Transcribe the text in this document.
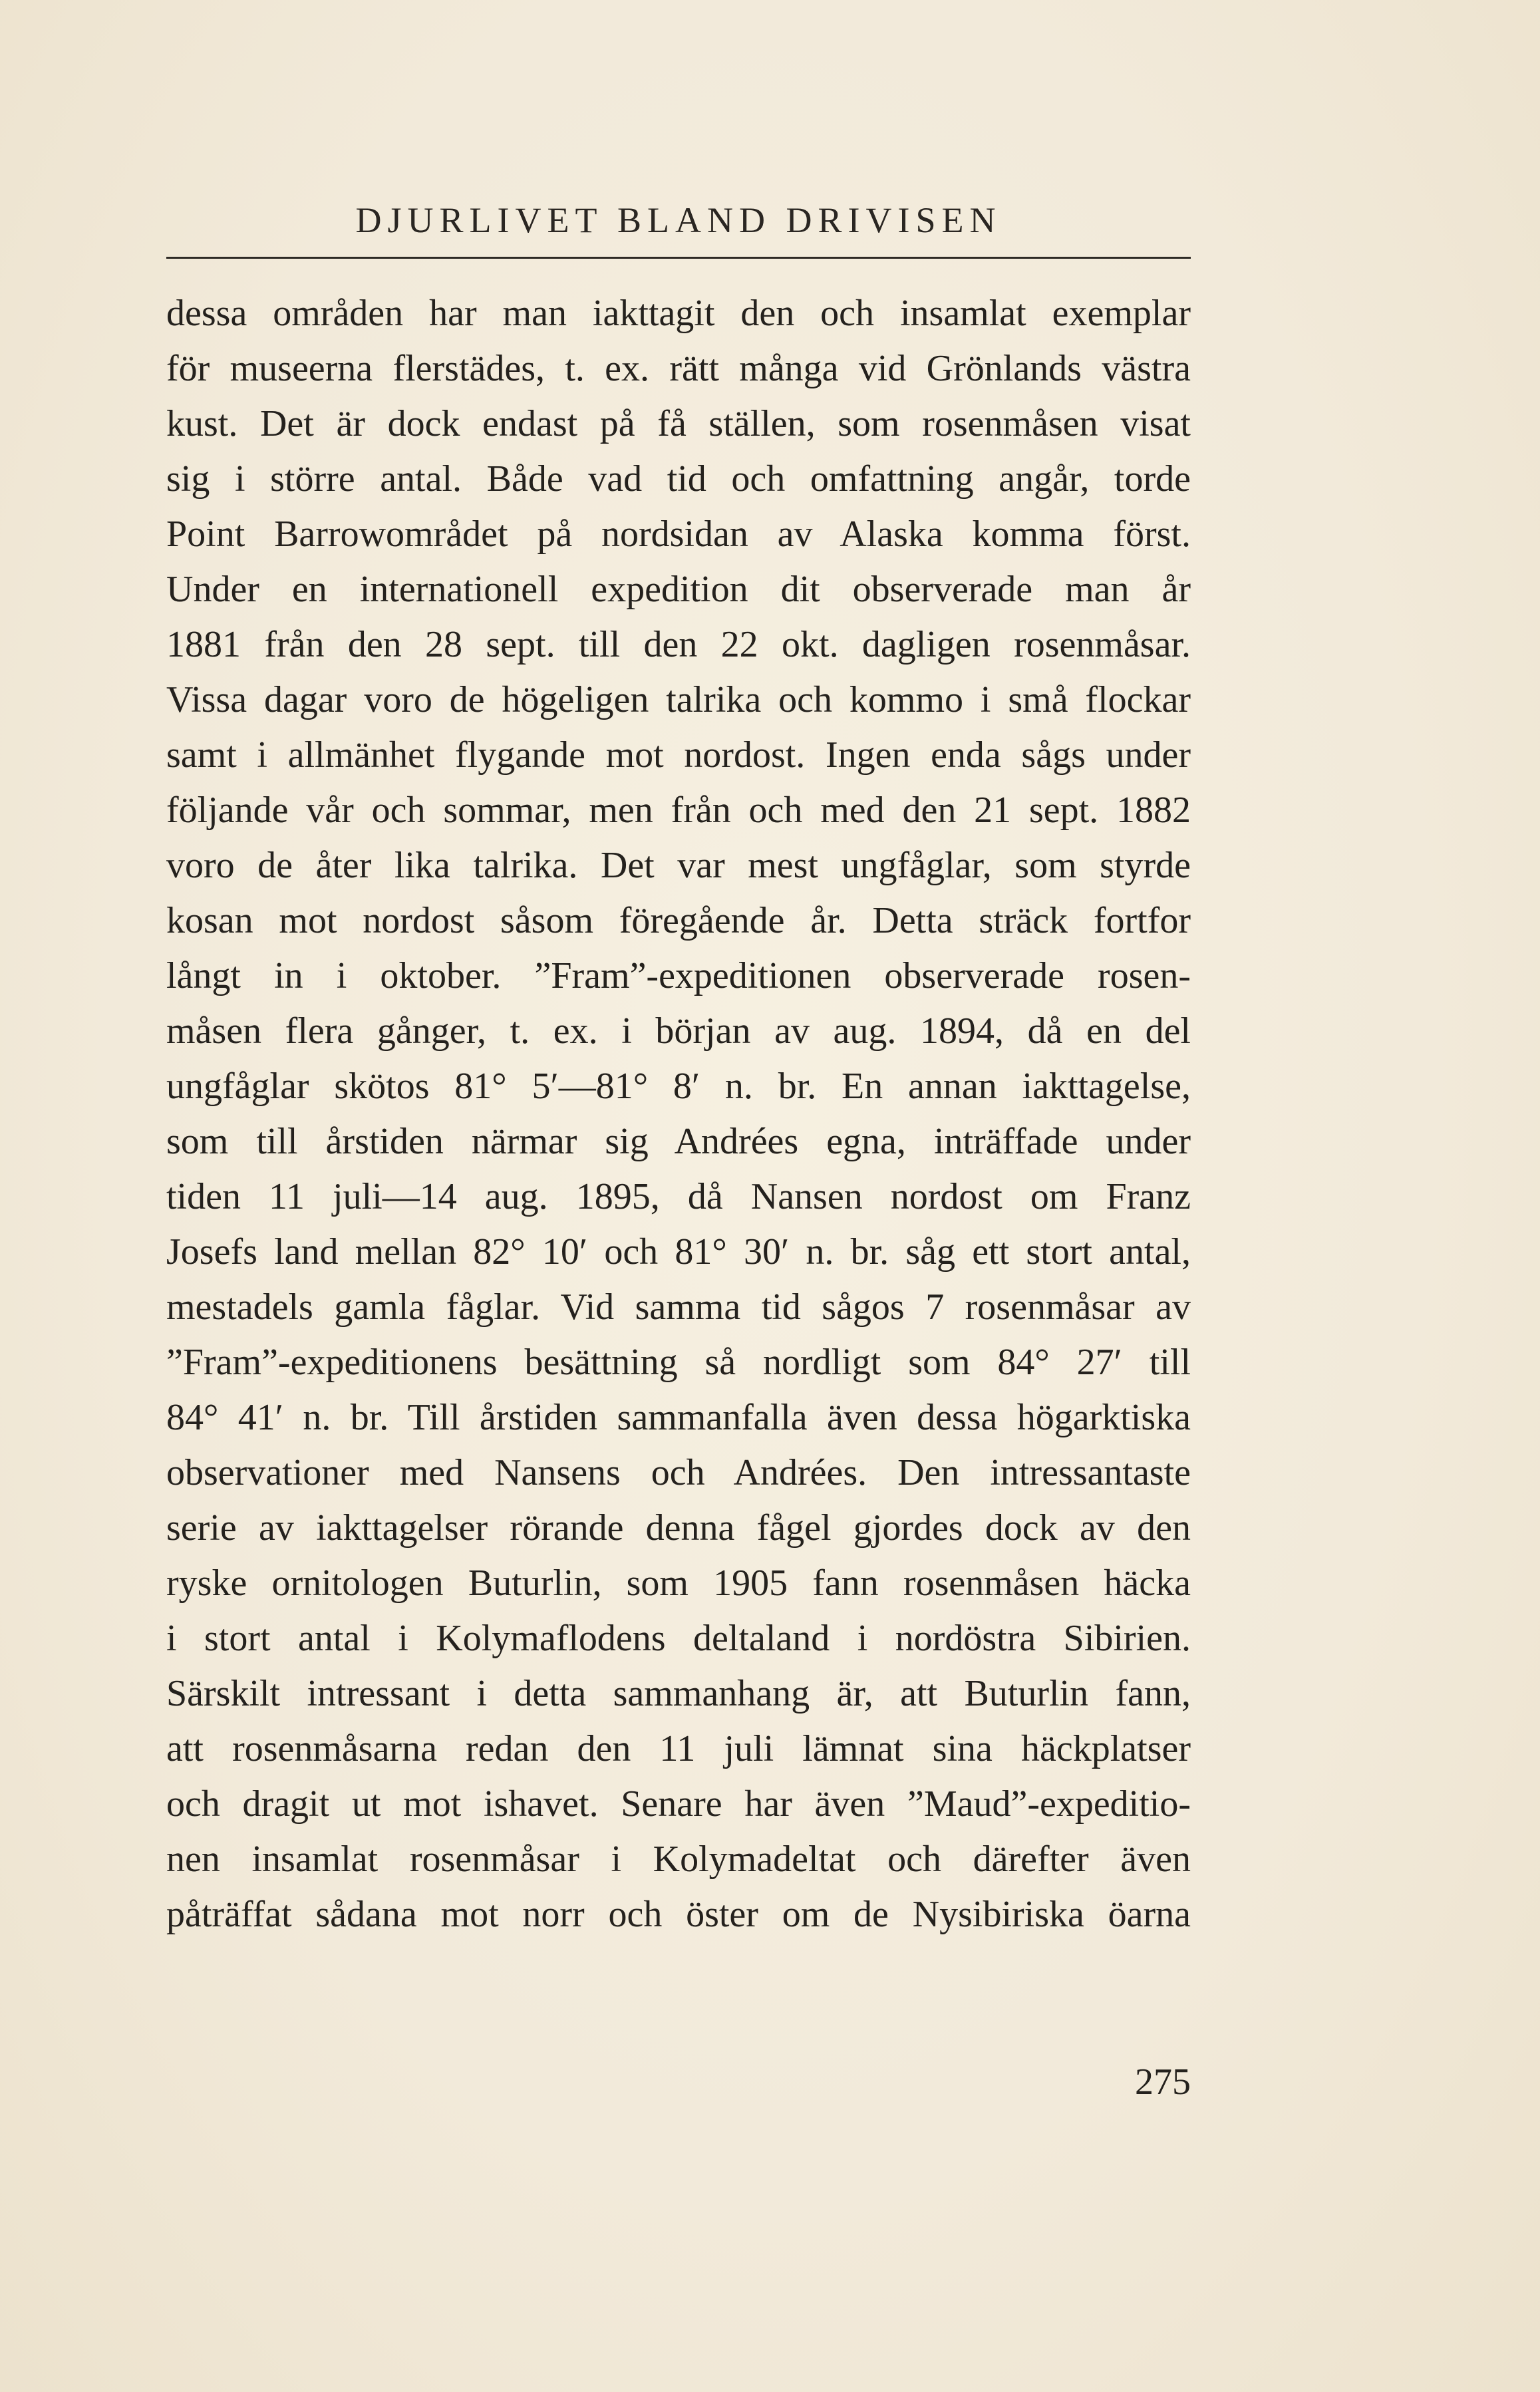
DJURLIVET BLAND DRIVISEN
dessa områden har man iakttagit den och insamlat exemplar
för museerna flerstädes, t. ex. rätt många vid Grönlands västra
kust. Det är dock endast på få ställen, som rosenmåsen visat
sig i större antal. Både vad tid och omfattning angår, torde
Point Barrowområdet på nordsidan av Alaska komma först.
Under en internationell expedition dit observerade man år
1881 från den 28 sept. till den 22 okt. dagligen rosenmåsar.
Vissa dagar voro de högeligen talrika och kommo i små flockar
samt i allmänhet flygande mot nordost. Ingen enda sågs under
följande vår och sommar, men från och med den 21 sept. 1882
voro de åter lika talrika. Det var mest ungfåglar, som styrde
kosan mot nordost såsom föregående år. Detta sträck fortfor
långt in i oktober. ”Fram”-expeditionen observerade rosen-
måsen flera gånger, t. ex. i början av aug. 1894, då en del
ungfåglar skötos 81° 5′—81° 8′ n. br. En annan iakttagelse,
som till årstiden närmar sig Andrées egna, inträffade under
tiden 11 juli—14 aug. 1895, då Nansen nordost om Franz
Josefs land mellan 82° 10′ och 81° 30′ n. br. såg ett stort antal,
mestadels gamla fåglar. Vid samma tid sågos 7 rosenmåsar av
”Fram”-expeditionens besättning så nordligt som 84° 27′ till
84° 41′ n. br. Till årstiden sammanfalla även dessa högarktiska
observationer med Nansens och Andrées. Den intressantaste
serie av iakttagelser rörande denna fågel gjordes dock av den
ryske ornitologen Buturlin, som 1905 fann rosenmåsen häcka
i stort antal i Kolymaflodens deltaland i nordöstra Sibirien.
Särskilt intressant i detta sammanhang är, att Buturlin fann,
att rosenmåsarna redan den 11 juli lämnat sina häckplatser
och dragit ut mot ishavet. Senare har även ”Maud”-expeditio-
nen insamlat rosenmåsar i Kolymadeltat och därefter även
påträffat sådana mot norr och öster om de Nysibiriska öarna
275
